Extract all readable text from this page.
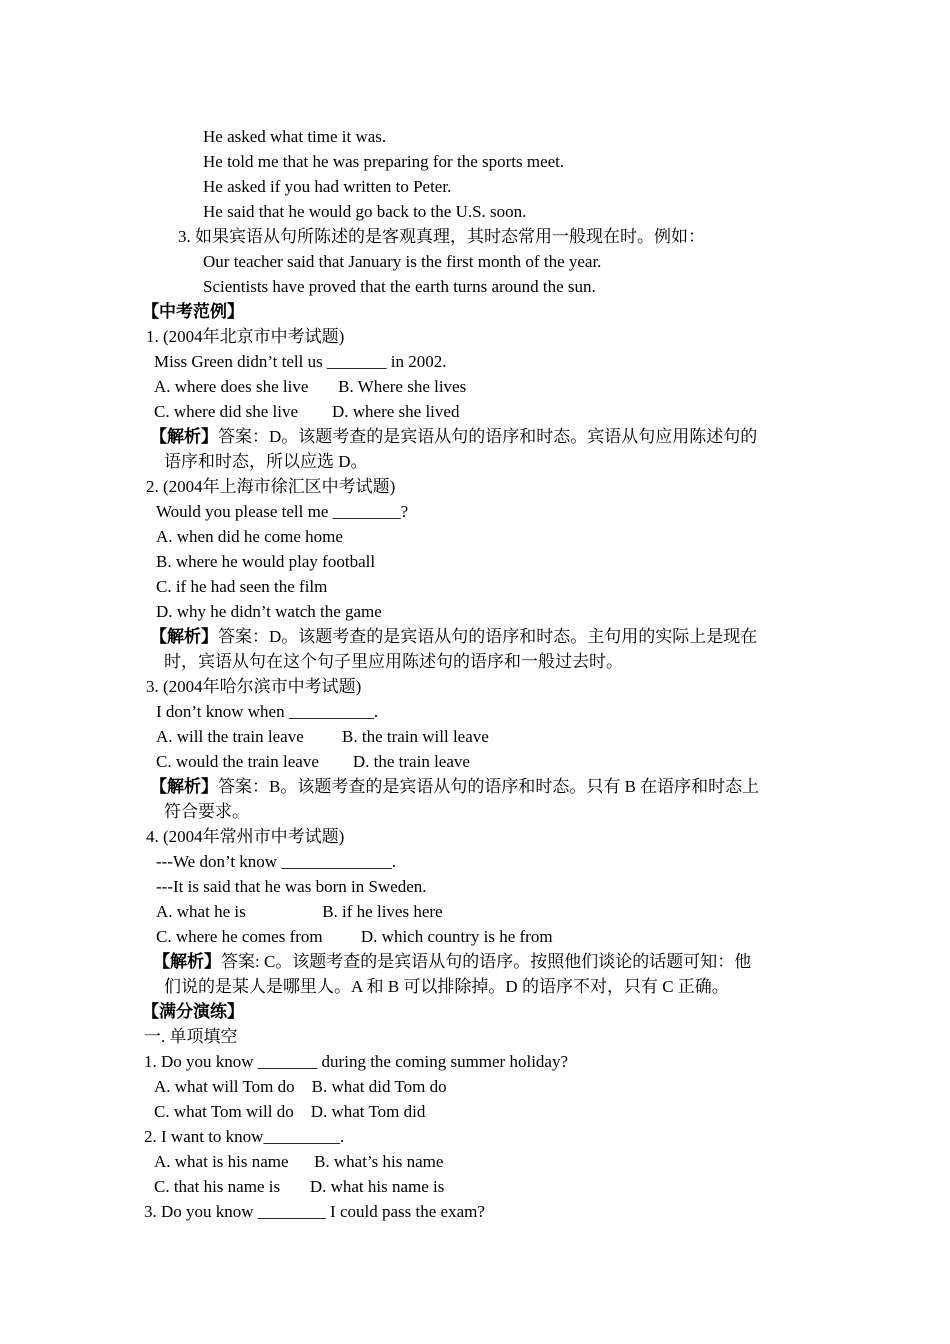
He asked what time it was.
He told me that he was preparing for the sports meet.
He asked if you had written to Peter.
He said that he would go back to the U.S. soon.
3. 如果宾语从句所陈述的是客观真理，其时态常用一般现在时。例如：
Our teacher said that January is the first month of the year.
Scientists have proved that the earth turns around the sun.
【中考范例】
1. (2004年北京市中考试题)
Miss Green didn’t tell us _______ in 2002.
A. where does she live       B. Where she lives
C. where did she live        D. where she lived
【解析】答案：D。该题考查的是宾语从句的语序和时态。宾语从句应用陈述句的
语序和时态，所以应选 D。
2. (2004年上海市徐汇区中考试题)
Would you please tell me ________?
A. when did he come home
B. where he would play football
C. if he had seen the film
D. why he didn’t watch the game
【解析】答案：D。该题考查的是宾语从句的语序和时态。主句用的实际上是现在
时，宾语从句在这个句子里应用陈述句的语序和一般过去时。
3. (2004年哈尔滨市中考试题)
I don’t know when __________.
A. will the train leave         B. the train will leave
C. would the train leave        D. the train leave
【解析】答案：B。该题考查的是宾语从句的语序和时态。只有 B 在语序和时态上
符合要求。
4. (2004年常州市中考试题)
---We don’t know _____________.
---It is said that he was born in Sweden.
A. what he is                  B. if he lives here
C. where he comes from         D. which country is he from
【解析】答案: C。该题考查的是宾语从句的语序。按照他们谈论的话题可知：他
们说的是某人是哪里人。A 和 B 可以排除掉。D 的语序不对，只有 C 正确。
【满分演练】
一. 单项填空
1. Do you know _______ during the coming summer holiday?
A. what will Tom do    B. what did Tom do
C. what Tom will do    D. what Tom did
2. I want to know_________.
A. what is his name      B. what’s his name
C. that his name is       D. what his name is
3. Do you know ________ I could pass the exam?
